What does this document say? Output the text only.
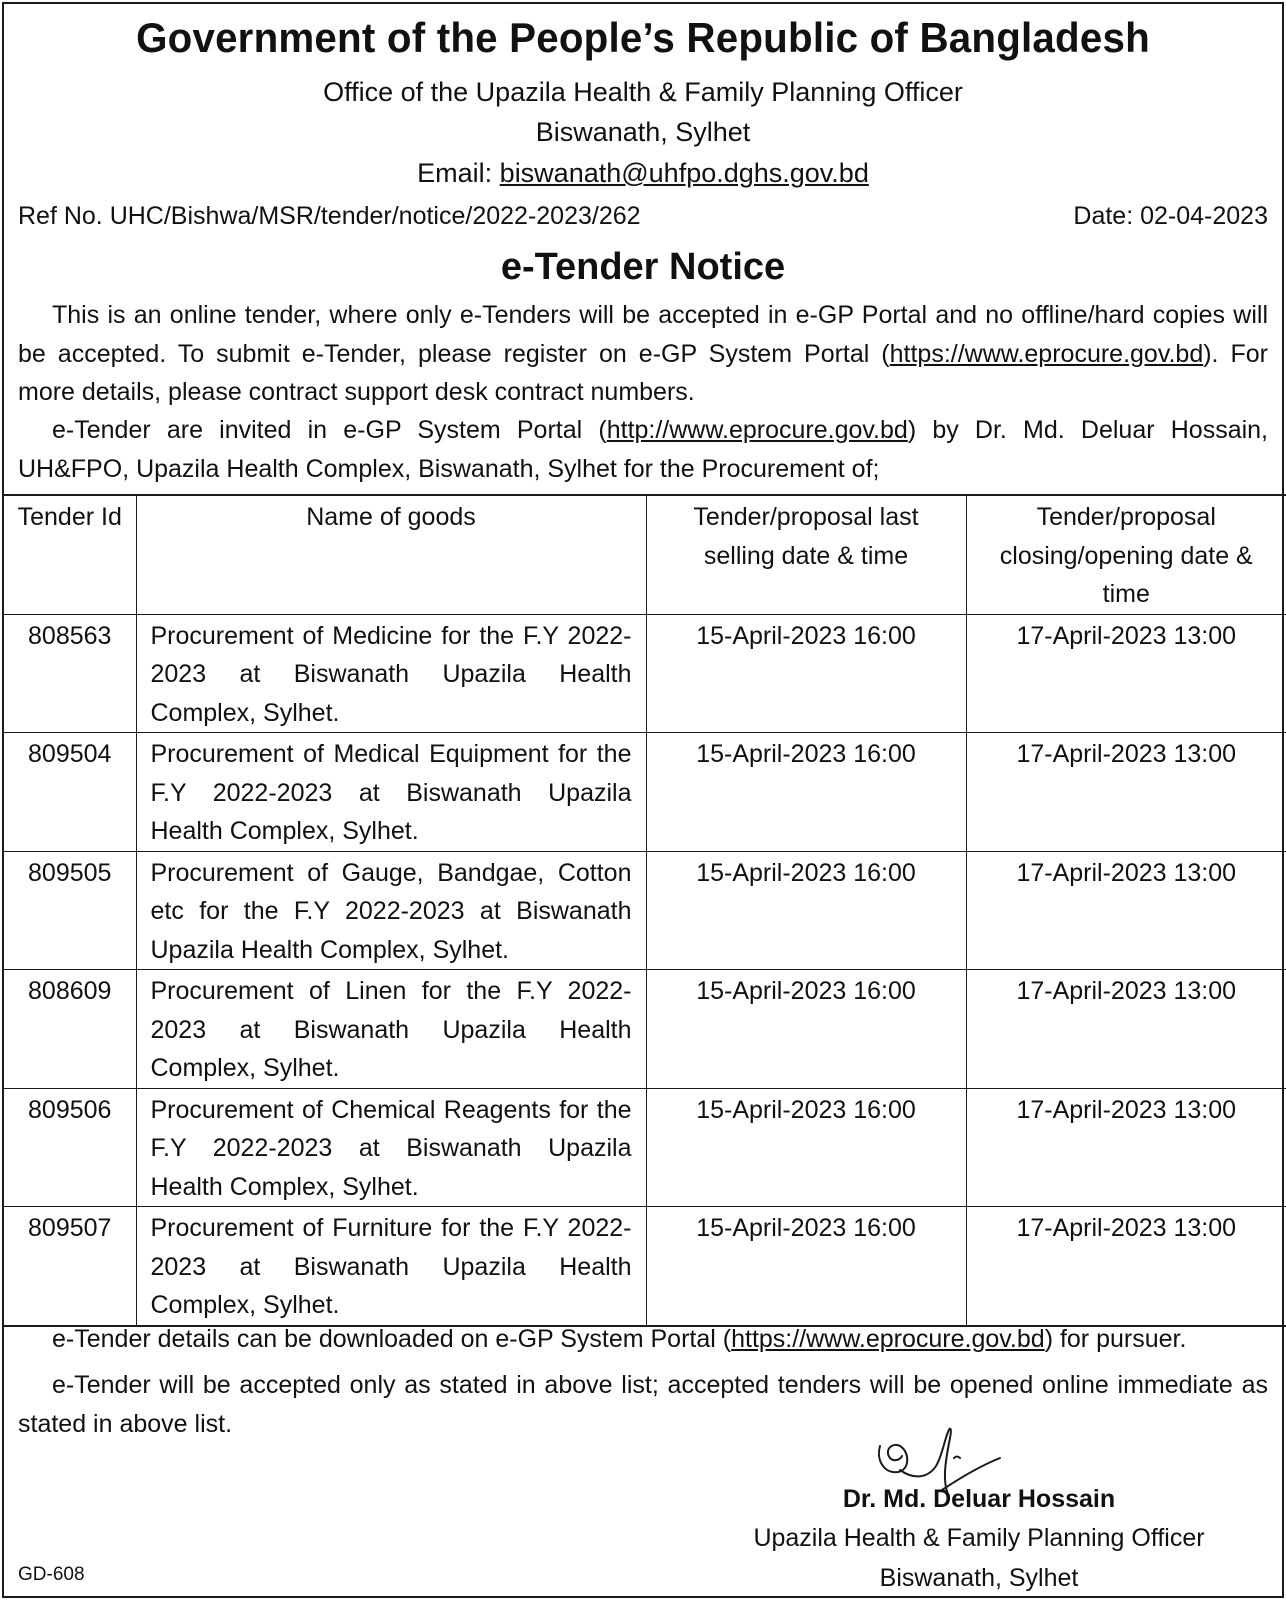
Government of the People’s Republic of Bangladesh
Office of the Upazila Health & Family Planning Officer
Biswanath, Sylhet
Email: biswanath@uhfpo.dghs.gov.bd
Ref No. UHC/Bishwa/MSR/tender/notice/2022-2023/262	Date: 02-04-2023
e-Tender Notice

This is an online tender, where only e-Tenders will be accepted in e-GP Portal and no offline/hard copies will be accepted. To submit e-Tender, please register on e-GP System Portal (https://www.eprocure.gov.bd). For more details, please contract support desk contract numbers.

e-Tender are invited in e-GP System Portal (http://www.eprocure.gov.bd) by Dr. Md. Deluar Hossain, UH&FPO, Upazila Health Complex, Biswanath, Sylhet for the Procurement of;

Tender Id	Name of goods	Tender/proposal last selling date & time	Tender/proposal closing/opening date & time
808563	Procurement of Medicine for the F.Y 2022-2023 at Biswanath Upazila Health Complex, Sylhet.	15-April-2023 16:00	17-April-2023 13:00
809504	Procurement of Medical Equipment for the F.Y 2022-2023 at Biswanath Upazila Health Complex, Sylhet.	15-April-2023 16:00	17-April-2023 13:00
809505	Procurement of Gauge, Bandgae, Cotton etc for the F.Y 2022-2023 at Biswanath Upazila Health Complex, Sylhet.	15-April-2023 16:00	17-April-2023 13:00
808609	Procurement of Linen for the F.Y 2022-2023 at Biswanath Upazila Health Complex, Sylhet.	15-April-2023 16:00	17-April-2023 13:00
809506	Procurement of Chemical Reagents for the F.Y 2022-2023 at Biswanath Upazila Health Complex, Sylhet.	15-April-2023 16:00	17-April-2023 13:00
809507	Procurement of Furniture for the F.Y 2022-2023 at Biswanath Upazila Health Complex, Sylhet.	15-April-2023 16:00	17-April-2023 13:00

e-Tender details can be downloaded on e-GP System Portal (https://www.eprocure.gov.bd) for pursuer.

e-Tender will be accepted only as stated in above list; accepted tenders will be opened online immediate as stated in above list.

Dr. Md. Deluar Hossain
Upazila Health & Family Planning Officer
Biswanath, Sylhet
GD-608
